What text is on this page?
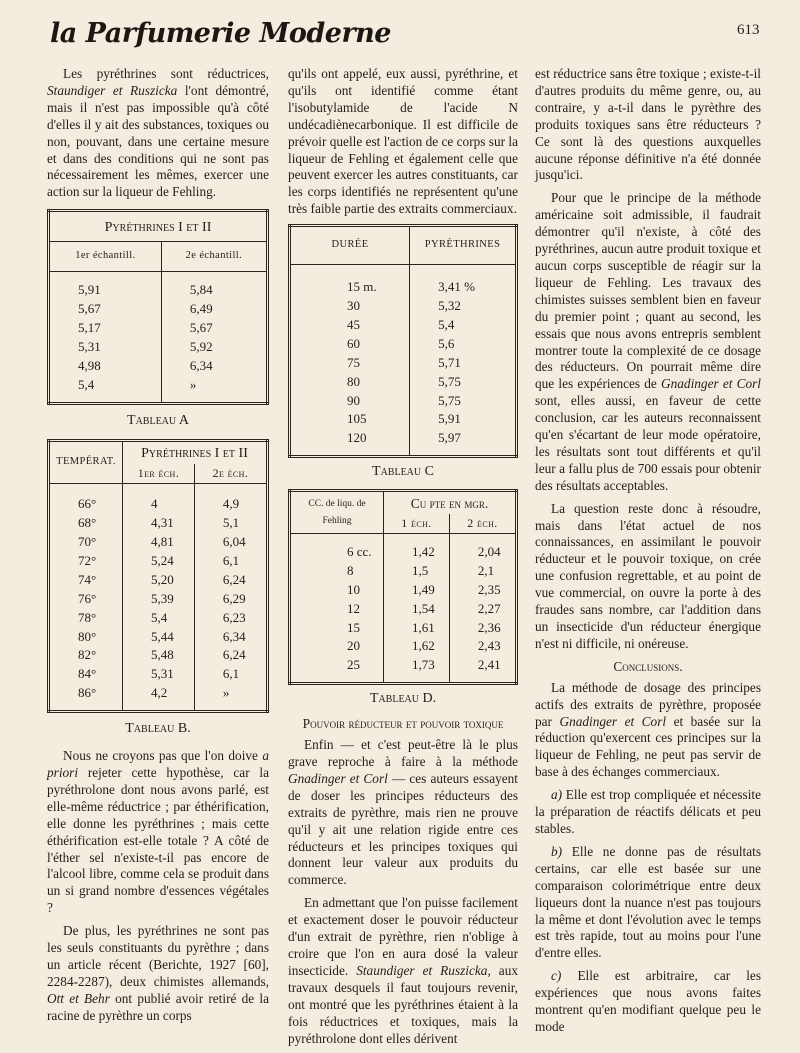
la Parfumerie Moderne	613

Les pyréthrines sont réductrices, Staundiger et Ruszicka l'ont démontré, mais il n'est pas impossible qu'à côté d'elles il y ait des substances, toxiques ou non, pouvant, dans une certaine mesure et dans des conditions qui ne sont pas nécessairement les mêmes, exercer une action sur la liqueur de Fehling.

Pyréthrines I et II	
1er échantill.	2e échantill.
5,91	5,84
5,67	6,49
5,17	5,67
5,31	5,92
4,98	6,34
5,4	»
Tableau A
TEMPÉRAT.	Pyréthrines I et II	
	1er éch.	2e éch.
66°	4	4,9
68°	4,31	5,1
70°	4,81	6,04
72°	5,24	6,1
74°	5,20	6,24
76°	5,39	6,29
78°	5,4	6,23
80°	5,44	6,34
82°	5,48	6,24
84°	5,31	6,1
86°	4,2	»
Tableau B.

Nous ne croyons pas que l'on doive a priori rejeter cette hypothèse, car la pyréthrolone dont nous avons parlé, est elle-même réductrice ; par éthérification, elle donne les pyréthrines ; mais cette éthérification est-elle totale ? A côté de l'éther sel n'existe-t-il pas encore de l'alcool libre, comme cela se produit dans un si grand nombre d'essences végétales ?

De plus, les pyréthrines ne sont pas les seuls constituants du pyrèthre ; dans un article récent (Berichte, 1927 [60], 2284-2287), deux chimistes allemands, Ott et Behr ont publié avoir retiré de la racine de pyrèthre un corps

qu'ils ont appelé, eux aussi, pyréthrine, et qu'ils ont identifié comme étant l'isobutylamide de l'acide N undécadiènecarbonique. Il est difficile de prévoir quelle est l'action de ce corps sur la liqueur de Fehling et également celle que peuvent exercer les autres constituants, car les corps identifiés ne représentent qu'une très faible partie des extraits commerciaux.

DURÉE	PYRÉTHRINES
15 m.	3,41 %
30	5,32
45	5,4
60	5,6
75	5,71
80	5,75
90	5,75
105	5,91
120	5,97
Tableau C
CC. de liqu. de Fehling	Cu pte en mgr.	
	1 éch.	2 éch.
6 cc.	1,42	2,04
8	1,5	2,1
10	1,49	2,35
12	1,54	2,27
15	1,61	2,36
20	1,62	2,43
25	1,73	2,41
Tableau D.
Pouvoir réducteur et pouvoir toxique

Enfin — et c'est peut-être là le plus grave reproche à faire à la méthode Gnadinger et Corl — ces auteurs essayent de doser les principes réducteurs des extraits de pyrèthre, mais rien ne prouve qu'il y ait une relation rigide entre ces réducteurs et les principes toxiques qui donnent leur valeur aux produits du commerce.

En admettant que l'on puisse facilement et exactement doser le pouvoir réducteur d'un extrait de pyrèthre, rien n'oblige à croire que l'on en aura dosé la valeur insecticide. Staundiger et Ruszicka, aux travaux desquels il faut toujours revenir, ont montré que les pyréthrines étaient à la fois réductrices et toxiques, mais la pyréthrolone dont elles dérivent

est réductrice sans être toxique ; existe-t-il d'autres produits du même genre, ou, au contraire, y a-t-il dans le pyrèthre des produits toxiques sans être réducteurs ? Ce sont là des questions auxquelles aucune réponse définitive n'a été donnée jusqu'ici.

Pour que le principe de la méthode américaine soit admissible, il faudrait démontrer qu'il n'existe, à côté des pyréthrines, aucun autre produit toxique et aucun corps susceptible de réagir sur la liqueur de Fehling. Les travaux des chimistes suisses semblent bien en faveur du premier point ; quant au second, les essais que nous avons entrepris semblent montrer toute la complexité de ce dosage des réducteurs. On pourrait même dire que les expériences de Gnadinger et Corl sont, elles aussi, en faveur de cette conclusion, car les auteurs reconnaissent qu'en s'écartant de leur mode opératoire, les résultats sont tout différents et qu'il leur a fallu plus de 700 essais pour obtenir des résultats acceptables.

La question reste donc à résoudre, mais dans l'état actuel de nos connaissances, en assimilant le pouvoir réducteur et le pouvoir toxique, on crée une confusion regrettable, et au point de vue commercial, on ouvre la porte à des fraudes sans nombre, car l'addition dans un insecticide d'un réducteur énergique n'est ni difficile, ni onéreuse.

Conclusions.

La méthode de dosage des principes actifs des extraits de pyrèthre, proposée par Gnadinger et Corl et basée sur la réduction qu'exercent ces principes sur la liqueur de Fehling, ne peut pas servir de base à des échanges commerciaux.

a) Elle est trop compliquée et nécessite la préparation de réactifs délicats et peu stables.

b) Elle ne donne pas de résultats certains, car elle est basée sur une comparaison colorimétrique entre deux liqueurs dont la nuance n'est pas toujours la même et dont l'évolution avec le temps est très rapide, tout au moins pour l'une d'entre elles.

c) Elle est arbitraire, car les expériences que nous avons faites montrent qu'en modifiant quelque peu le mode
